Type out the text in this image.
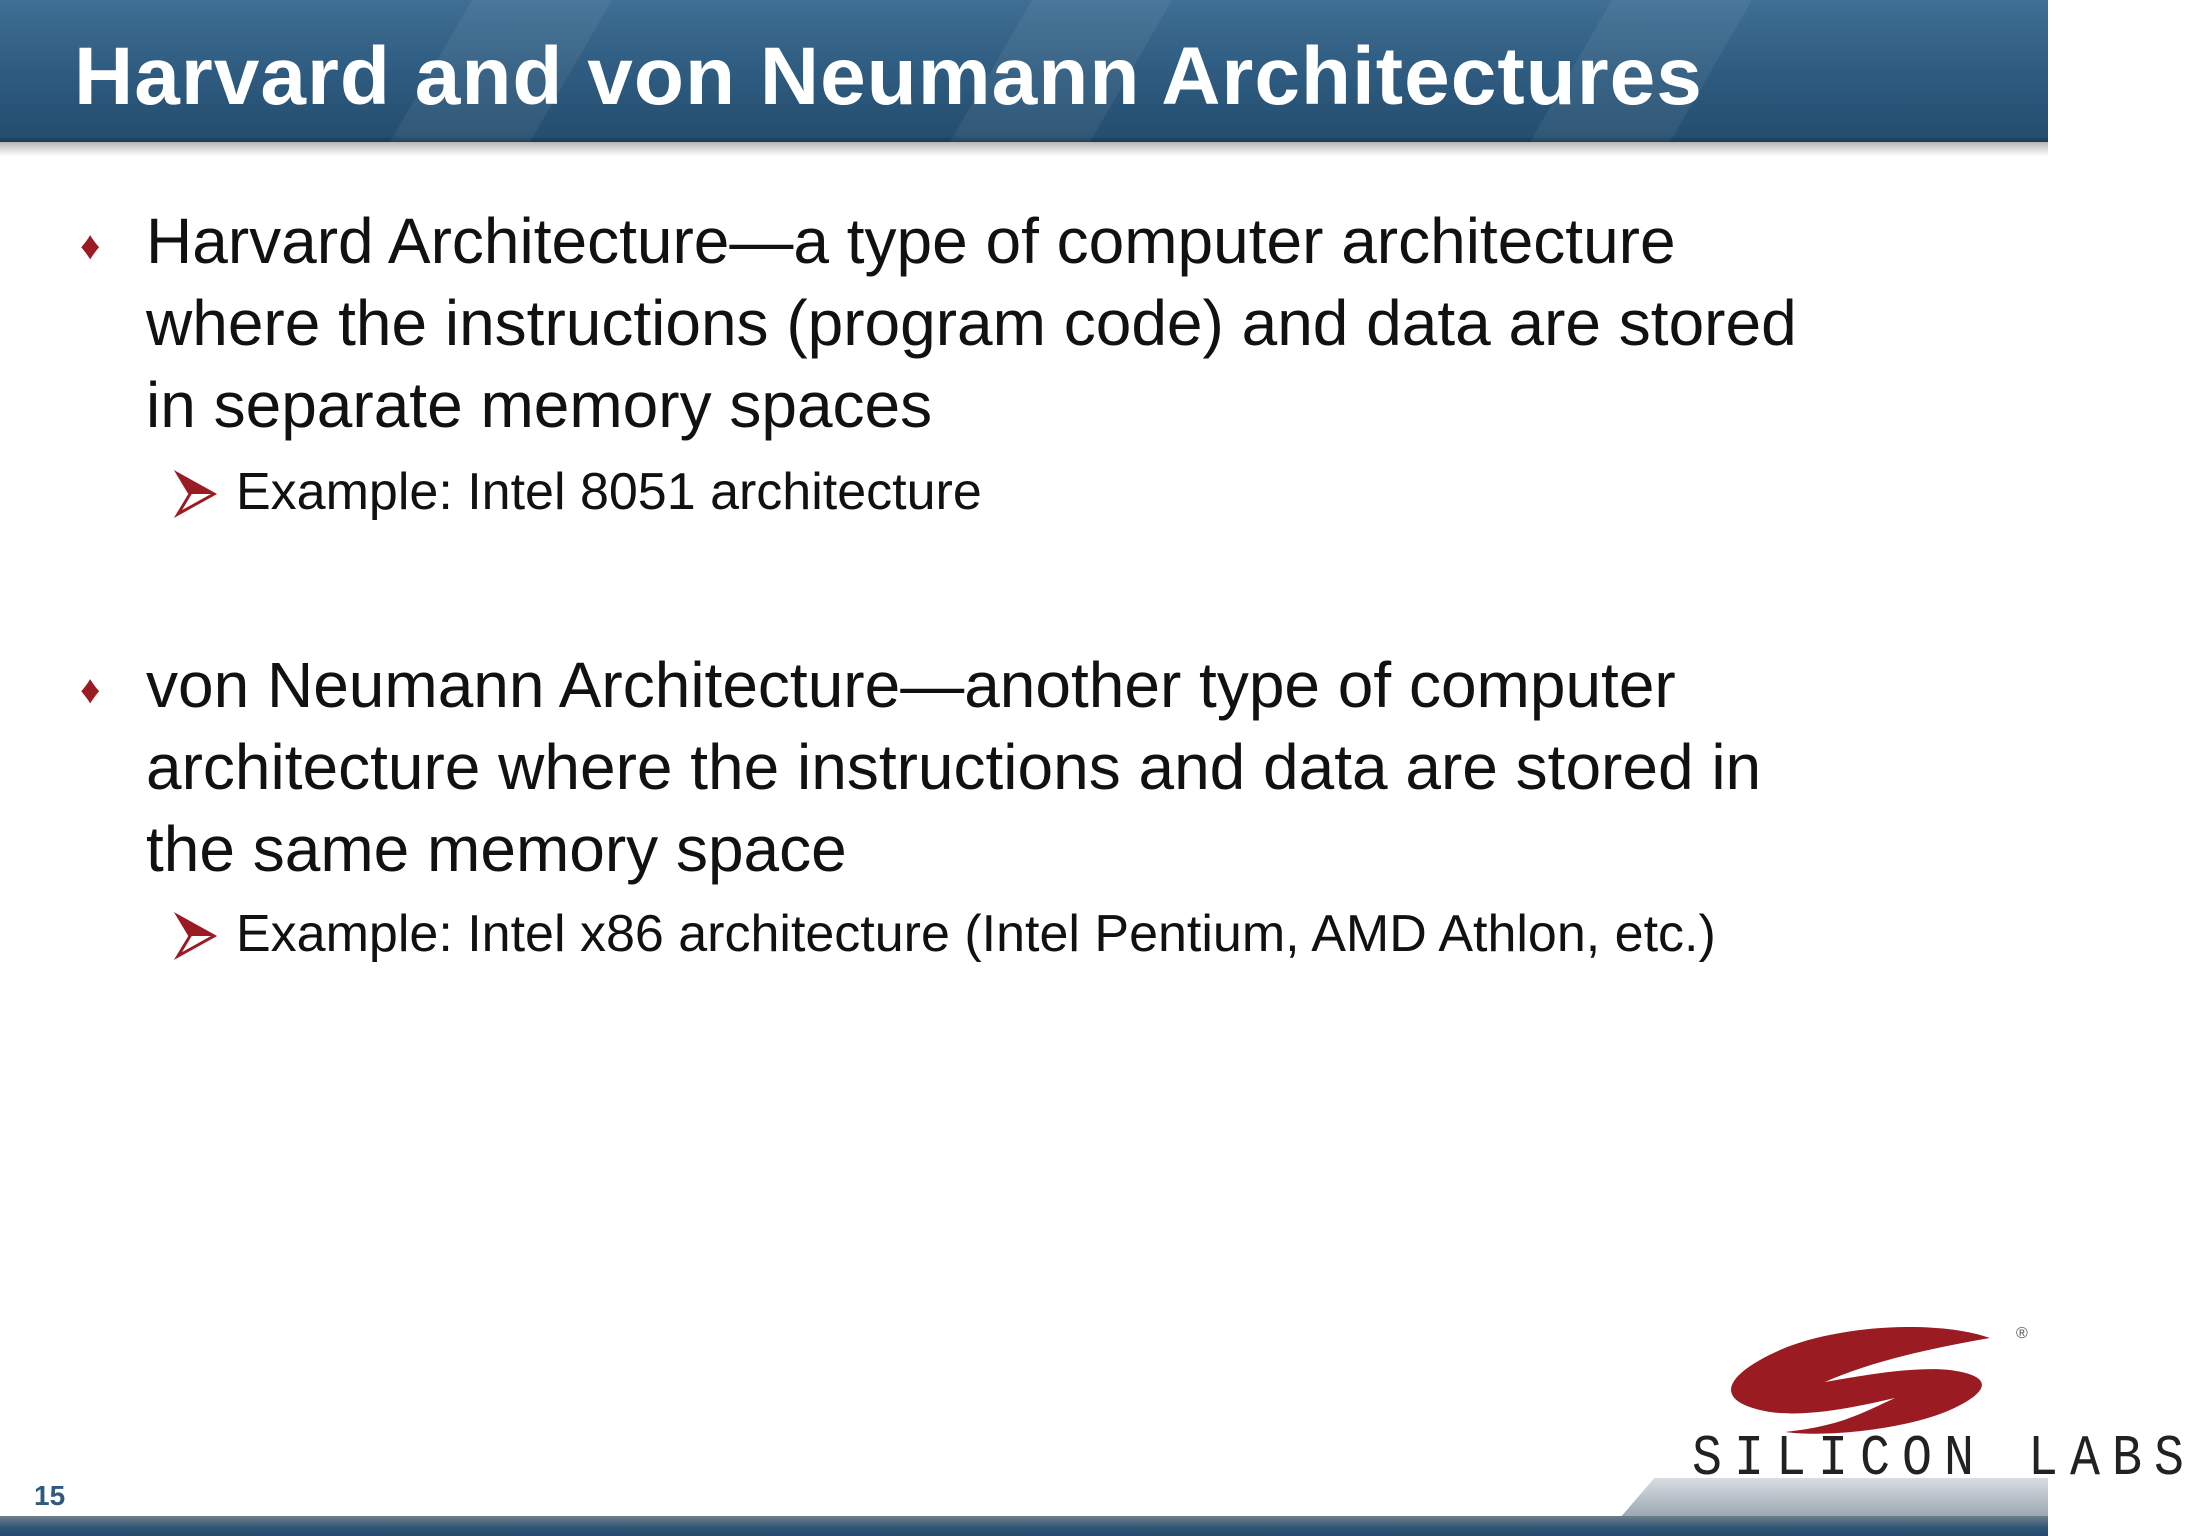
Harvard and von Neumann Architectures
♦ Harvard Architecture—a type of computer architecture
where the instructions (program code) and data are stored
in separate memory spaces
Example: Intel 8051 architecture
♦ von Neumann Architecture—another type of computer
architecture where the instructions and data are stored in
the same memory space
Example: Intel x86 architecture (Intel Pentium, AMD Athlon, etc.)
®
SILICON LABS
15
